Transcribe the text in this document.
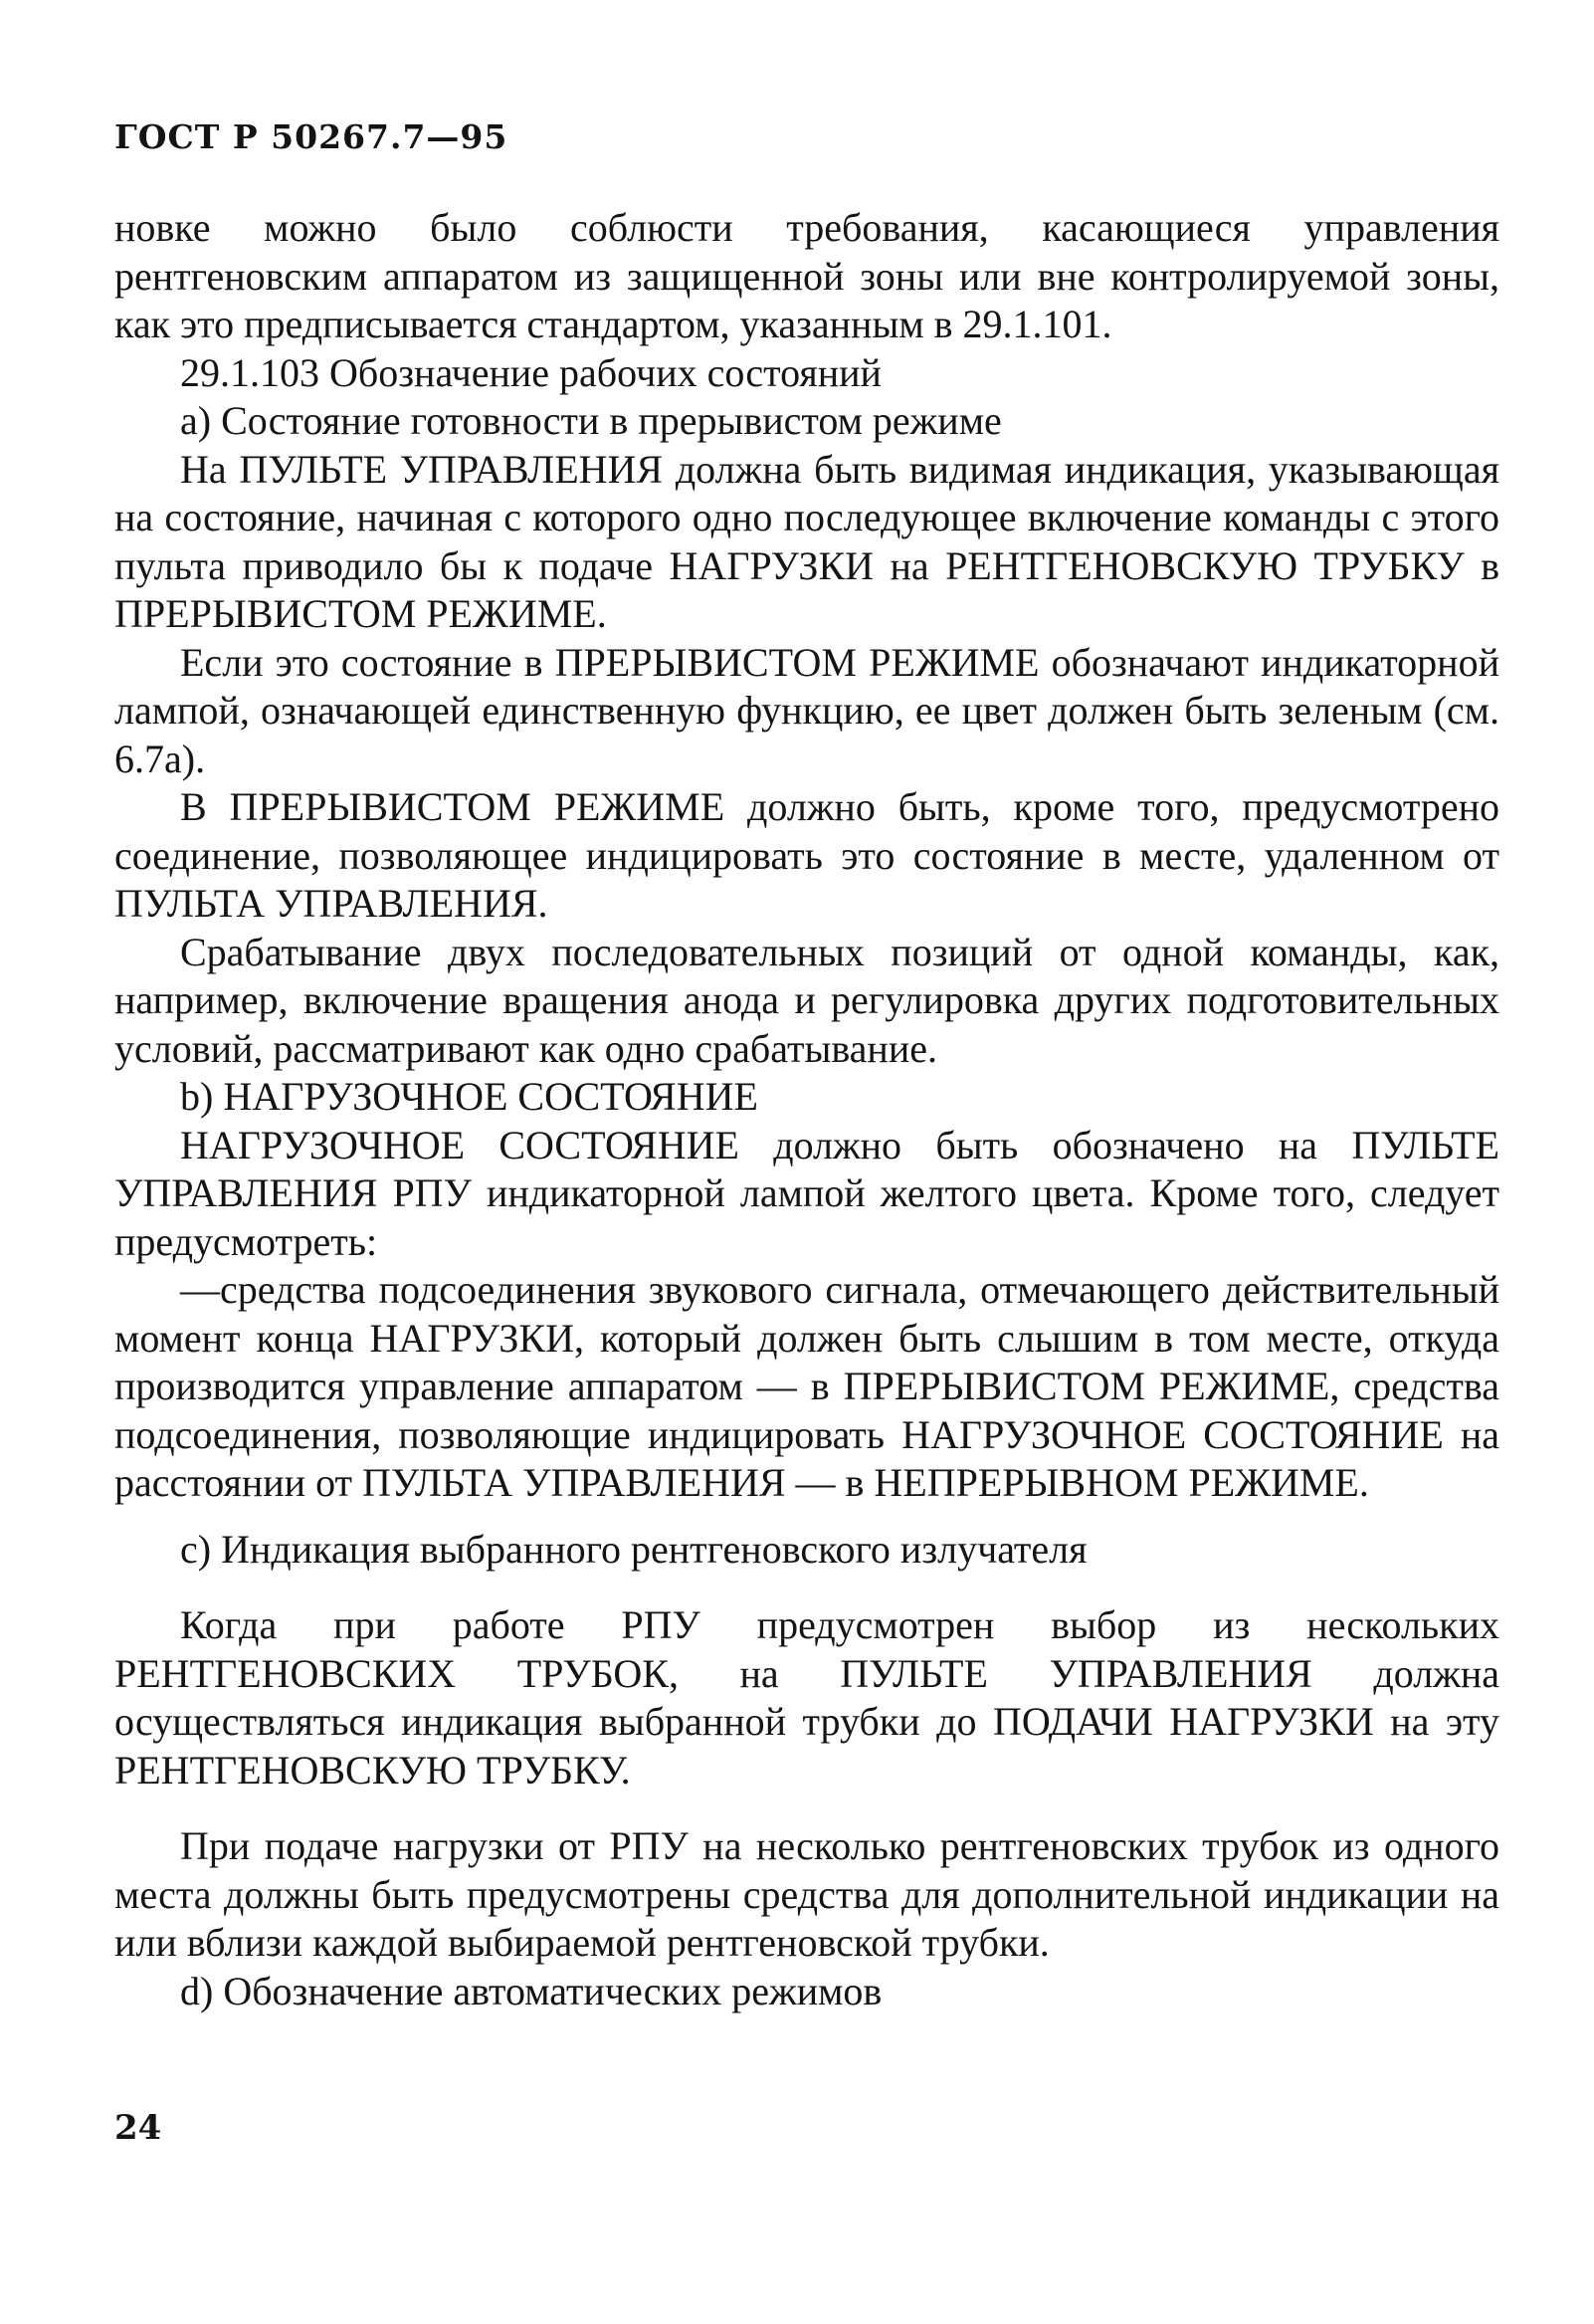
ГОСТ Р 50267.7—95

новке можно было соблюсти требования, касающиеся управления рентгеновским аппаратом из защищенной зоны или вне контролируемой зоны, как это предписывается стандартом, указанным в 29.1.101.

29.1.103 Обозначение рабочих состояний

а) Состояние готовности в прерывистом режиме

На ПУЛЬТЕ УПРАВЛЕНИЯ должна быть видимая индикация, указывающая на состояние, начиная с которого одно последующее включение команды с этого пульта приводило бы к подаче НАГРУЗКИ на РЕНТГЕНОВСКУЮ ТРУБКУ в ПРЕРЫВИСТОМ РЕЖИМЕ.

Если это состояние в ПРЕРЫВИСТОМ РЕЖИМЕ обозначают индикаторной лампой, означающей единственную функцию, ее цвет должен быть зеленым (см. 6.7а).

В ПРЕРЫВИСТОМ РЕЖИМЕ должно быть, кроме того, предусмотрено соединение, позволяющее индицировать это состояние в месте, удаленном от ПУЛЬТА УПРАВЛЕНИЯ.

Срабатывание двух последовательных позиций от одной команды, как, например, включение вращения анода и регулировка других подготовительных условий, рассматривают как одно срабатывание.

b) НАГРУЗОЧНОЕ СОСТОЯНИЕ

НАГРУЗОЧНОЕ СОСТОЯНИЕ должно быть обозначено на ПУЛЬТЕ УПРАВЛЕНИЯ РПУ индикаторной лампой желтого цвета. Кроме того, следует предусмотреть:

—средства подсоединения звукового сигнала, отмечающего действительный момент конца НАГРУЗКИ, который должен быть слышим в том месте, откуда производится управление аппаратом — в ПРЕРЫВИСТОМ РЕЖИМЕ, средства подсоединения, позволяющие индицировать НАГРУЗОЧНОЕ СОСТОЯНИЕ на расстоянии от ПУЛЬТА УПРАВЛЕНИЯ — в НЕПРЕРЫВНОМ РЕЖИМЕ.

с) Индикация выбранного рентгеновского излучателя

Когда при работе РПУ предусмотрен выбор из нескольких РЕНТГЕНОВСКИХ ТРУБОК, на ПУЛЬТЕ УПРАВЛЕНИЯ должна осуществляться индикация выбранной трубки до ПОДАЧИ НАГРУЗКИ на эту РЕНТГЕНОВСКУЮ ТРУБКУ.

При подаче нагрузки от РПУ на несколько рентгеновских трубок из одного места должны быть предусмотрены средства для дополнительной индикации на или вблизи каждой выбираемой рентгеновской трубки.

d) Обозначение автоматических режимов

24
